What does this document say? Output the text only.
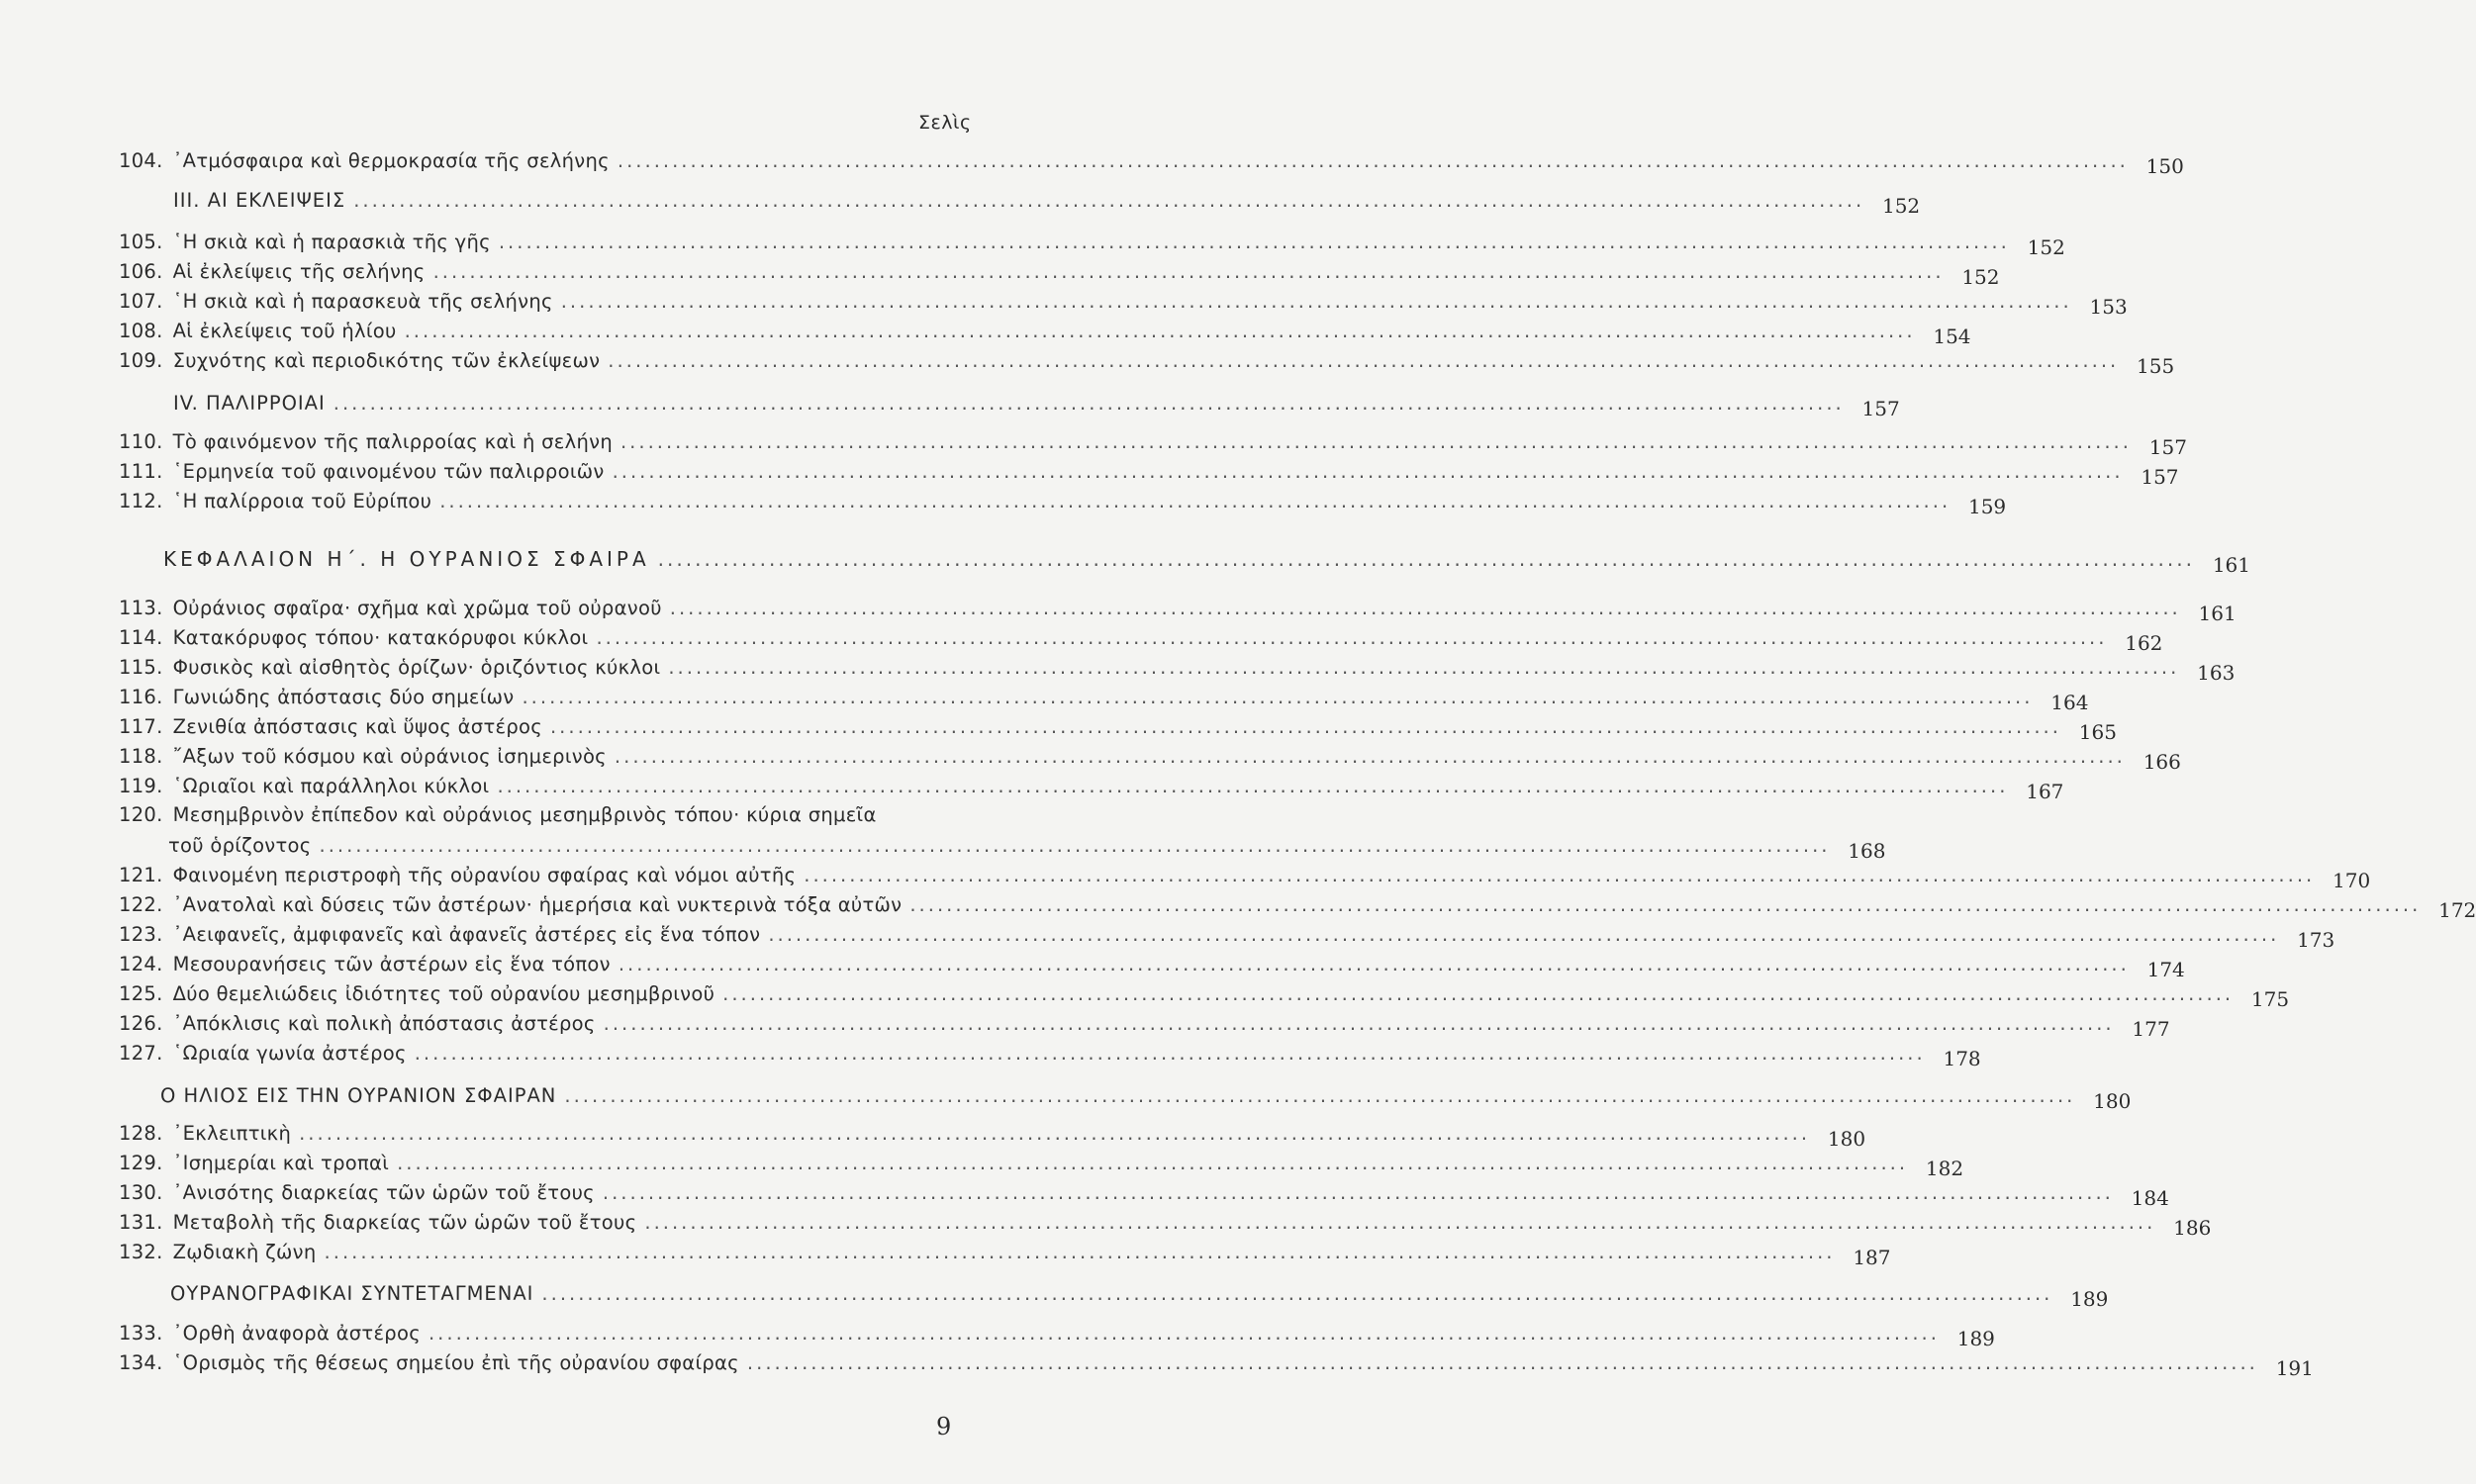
Σελὶς
104. ᾿Ατμόσφαιρα καὶ θερμοκρασία τῆς σελήνης .....	150
III. ΑΙ ΕΚΛΕΙΨΕΙΣ .....	152
105. ῾Η σκιὰ καὶ ἡ παρασκιὰ τῆς γῆς .....	152
106. Αἱ ἐκλείψεις τῆς σελήνης .....	152
107. ῾Η σκιὰ καὶ ἡ παρασκευὰ τῆς σελήνης .....	153
108. Αἱ ἐκλείψεις τοῦ ἡλίου .....	154
109. Συχνότης καὶ περιοδικότης τῶν ἐκλείψεων .....	155
IV. ΠΑΛΙΡΡΟΙΑΙ .....	157
110. Τὸ φαινόμενον τῆς παλιρροίας καὶ ἡ σελήνη .....	157
111. ῾Ερμηνεία τοῦ φαινομένου τῶν παλιρροιῶν .....	157
112. ῾Η παλίρροια τοῦ Εὐρίπου .....	159
ΚΕΦΑΛΑΙΟΝ Η΄. Η ΟΥΡΑΝΙΟΣ ΣΦΑΙΡΑ .....	161
113. Οὐράνιος σφαῖρα· σχῆμα καὶ χρῶμα τοῦ οὐρανοῦ .....	161
114. Κατακόρυφος τόπου· κατακόρυφοι κύκλοι .....	162
115. Φυσικὸς καὶ αἰσθητὸς ὁρίζων· ὁριζόντιος κύκλοι .....	163
116. Γωνιώδης ἀπόστασις δύο σημείων .....	164
117. Ζενιθία ἀπόστασις καὶ ὕψος ἀστέρος .....	165
118. ῎Αξων τοῦ κόσμου καὶ οὐράνιος ἰσημερινὸς .....	166
119. ῾Ωριαῖοι καὶ παράλληλοι κύκλοι .....	167
120. Μεσημβρινὸν ἐπίπεδον καὶ οὐράνιος μεσημβρινὸς τόπου· κύρια σημεῖα
τοῦ ὁρίζοντος .....	168
121. Φαινομένη περιστροφὴ τῆς οὐρανίου σφαίρας καὶ νόμοι αὐτῆς .....	170
122. ᾿Ανατολαὶ καὶ δύσεις τῶν ἀστέρων· ἡμερήσια καὶ νυκτερινὰ τόξα αὐτῶν .....	172
123. ᾿Αειφανεῖς, ἀμφιφανεῖς καὶ ἀφανεῖς ἀστέρες εἰς ἕνα τόπον .....	173
124. Μεσουρανήσεις τῶν ἀστέρων εἰς ἕνα τόπον .....	174
125. Δύο θεμελιώδεις ἰδιότητες τοῦ οὐρανίου μεσημβρινοῦ .....	175
126. ᾿Απόκλισις καὶ πολικὴ ἀπόστασις ἀστέρος .....	177
127. ῾Ωριαία γωνία ἀστέρος .....	178
Ο ΗΛΙΟΣ ΕΙΣ ΤΗΝ ΟΥΡΑΝΙΟΝ ΣΦΑΙΡΑΝ .....	180
128. ᾿Εκλειπτικὴ .....	180
129. ᾿Ισημερίαι καὶ τροπαὶ .....	182
130. ᾿Ανισότης διαρκείας τῶν ὡρῶν τοῦ ἔτους .....	184
131. Μεταβολὴ τῆς διαρκείας τῶν ὡρῶν τοῦ ἔτους .....	186
132. Ζῳδιακὴ ζώνη .....	187
ΟΥΡΑΝΟΓΡΑΦΙΚΑΙ ΣΥΝΤΕΤΑΓΜΕΝΑΙ .....	189
133. ᾿Ορθὴ ἀναφορὰ ἀστέρος .....	189
134. ῾Ορισμὸς τῆς θέσεως σημείου ἐπὶ τῆς οὐρανίου σφαίρας .....	191
9
